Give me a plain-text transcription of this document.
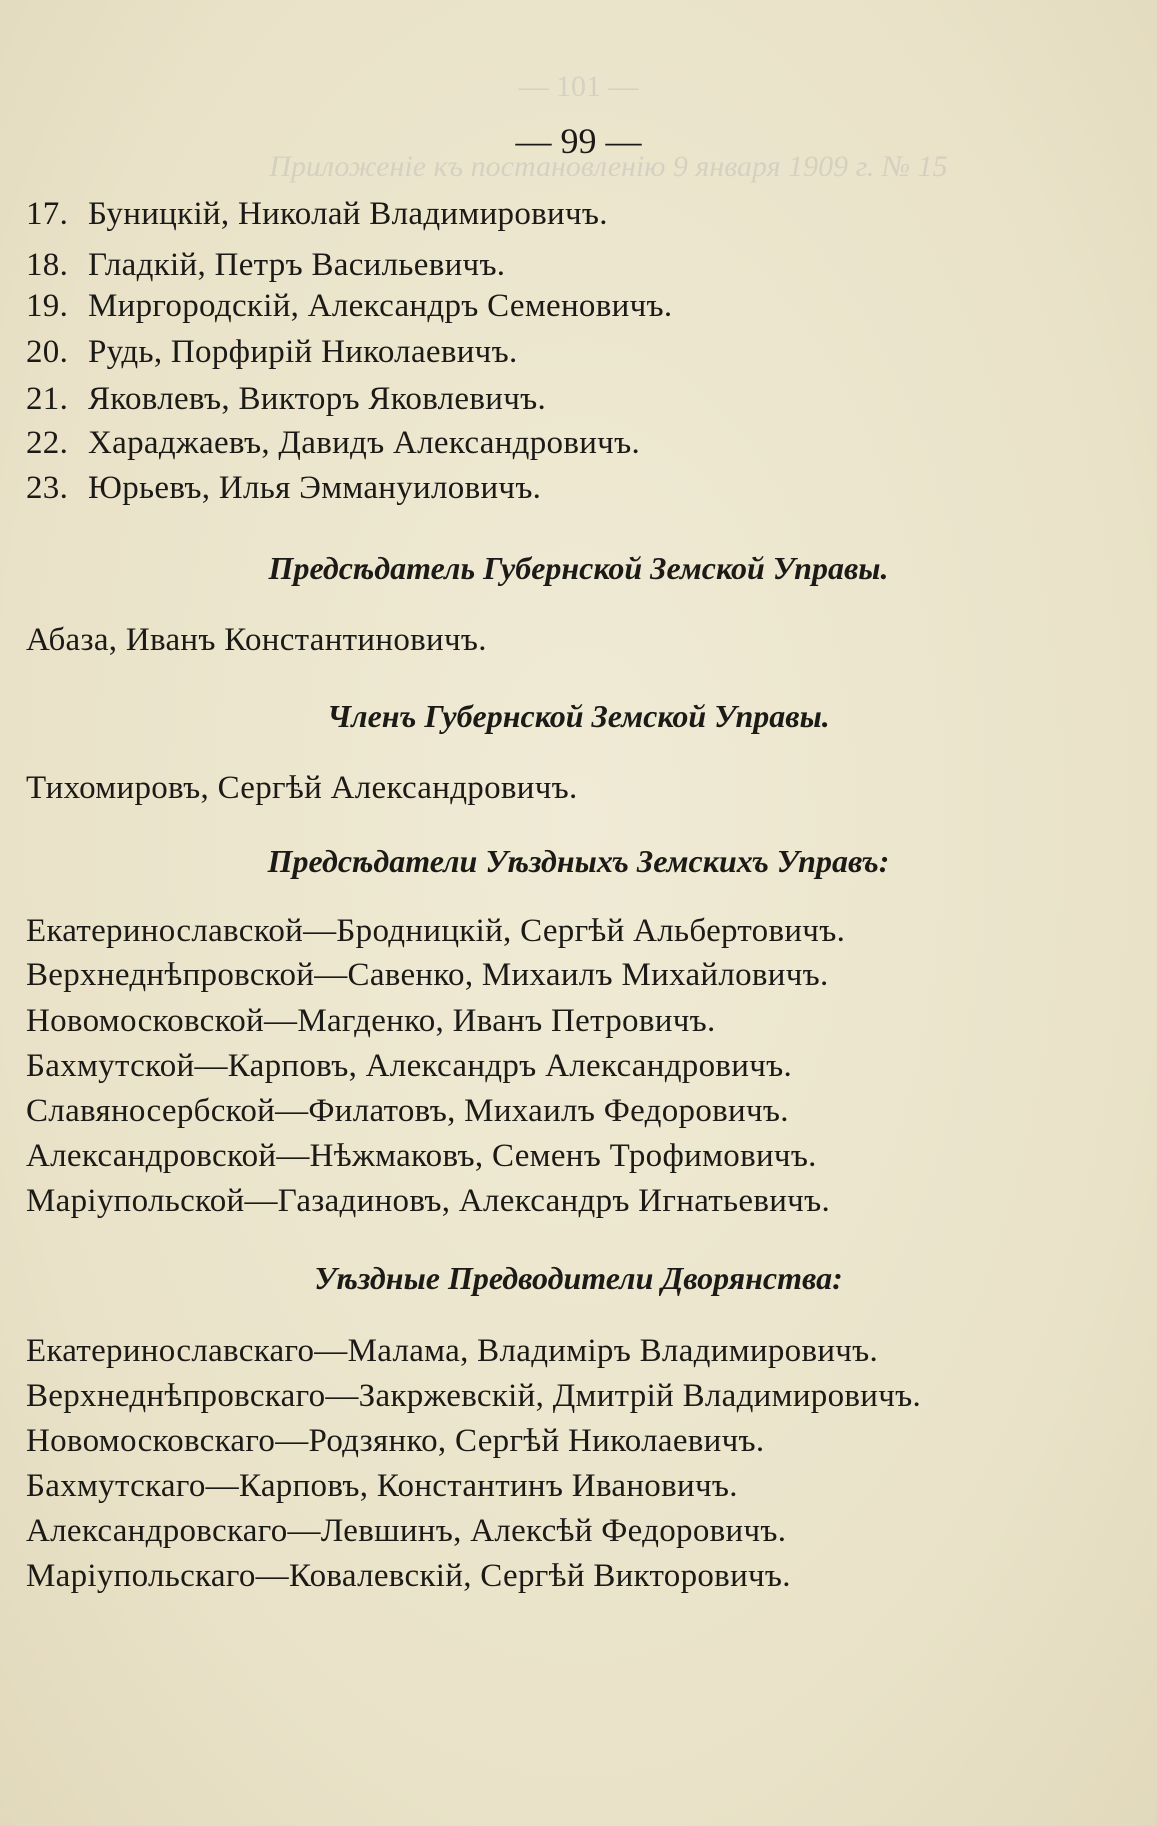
— 101 —
Приложеніе къ постановленію 9 января 1909 г. № 15
— 99 —
17. Буницкій, Николай Владимировичъ.
18. Гладкій, Петръ Васильевичъ.
19. Миргородскій, Александръ Семеновичъ.
20. Рудь, Порфирій Николаевичъ.
21. Яковлевъ, Викторъ Яковлевичъ.
22. Хараджаевъ, Давидъ Александровичъ.
23. Юрьевъ, Илья Эммануиловичъ.
Предсѣдатель Губернской Земской Управы.
Абаза, Иванъ Константиновичъ.
Членъ Губернской Земской Управы.
Тихомировъ, Сергѣй Александровичъ.
Предсѣдатели Уѣздныхъ Земскихъ Управъ:
Екатеринославской—Бродницкій, Сергѣй Альбертовичъ.
Верхнеднѣпровской—Савенко, Михаилъ Михайловичъ.
Новомосковской—Магденко, Иванъ Петровичъ.
Бахмутской—Карповъ, Александръ Александровичъ.
Славяносербской—Филатовъ, Михаилъ Федоровичъ.
Александровской—Нѣжмаковъ, Семенъ Трофимовичъ.
Маріупольской—Газадиновъ, Александръ Игнатьевичъ.
Уѣздные Предводители Дворянства:
Екатеринославскаго—Малама, Владиміръ Владимировичъ.
Верхнеднѣпровскаго—Закржевскій, Дмитрій Владимировичъ.
Новомосковскаго—Родзянко, Сергѣй Николаевичъ.
Бахмутскаго—Карповъ, Константинъ Ивановичъ.
Александровскаго—Левшинъ, Алексѣй Федоровичъ.
Маріупольскаго—Ковалевскій, Сергѣй Викторовичъ.
